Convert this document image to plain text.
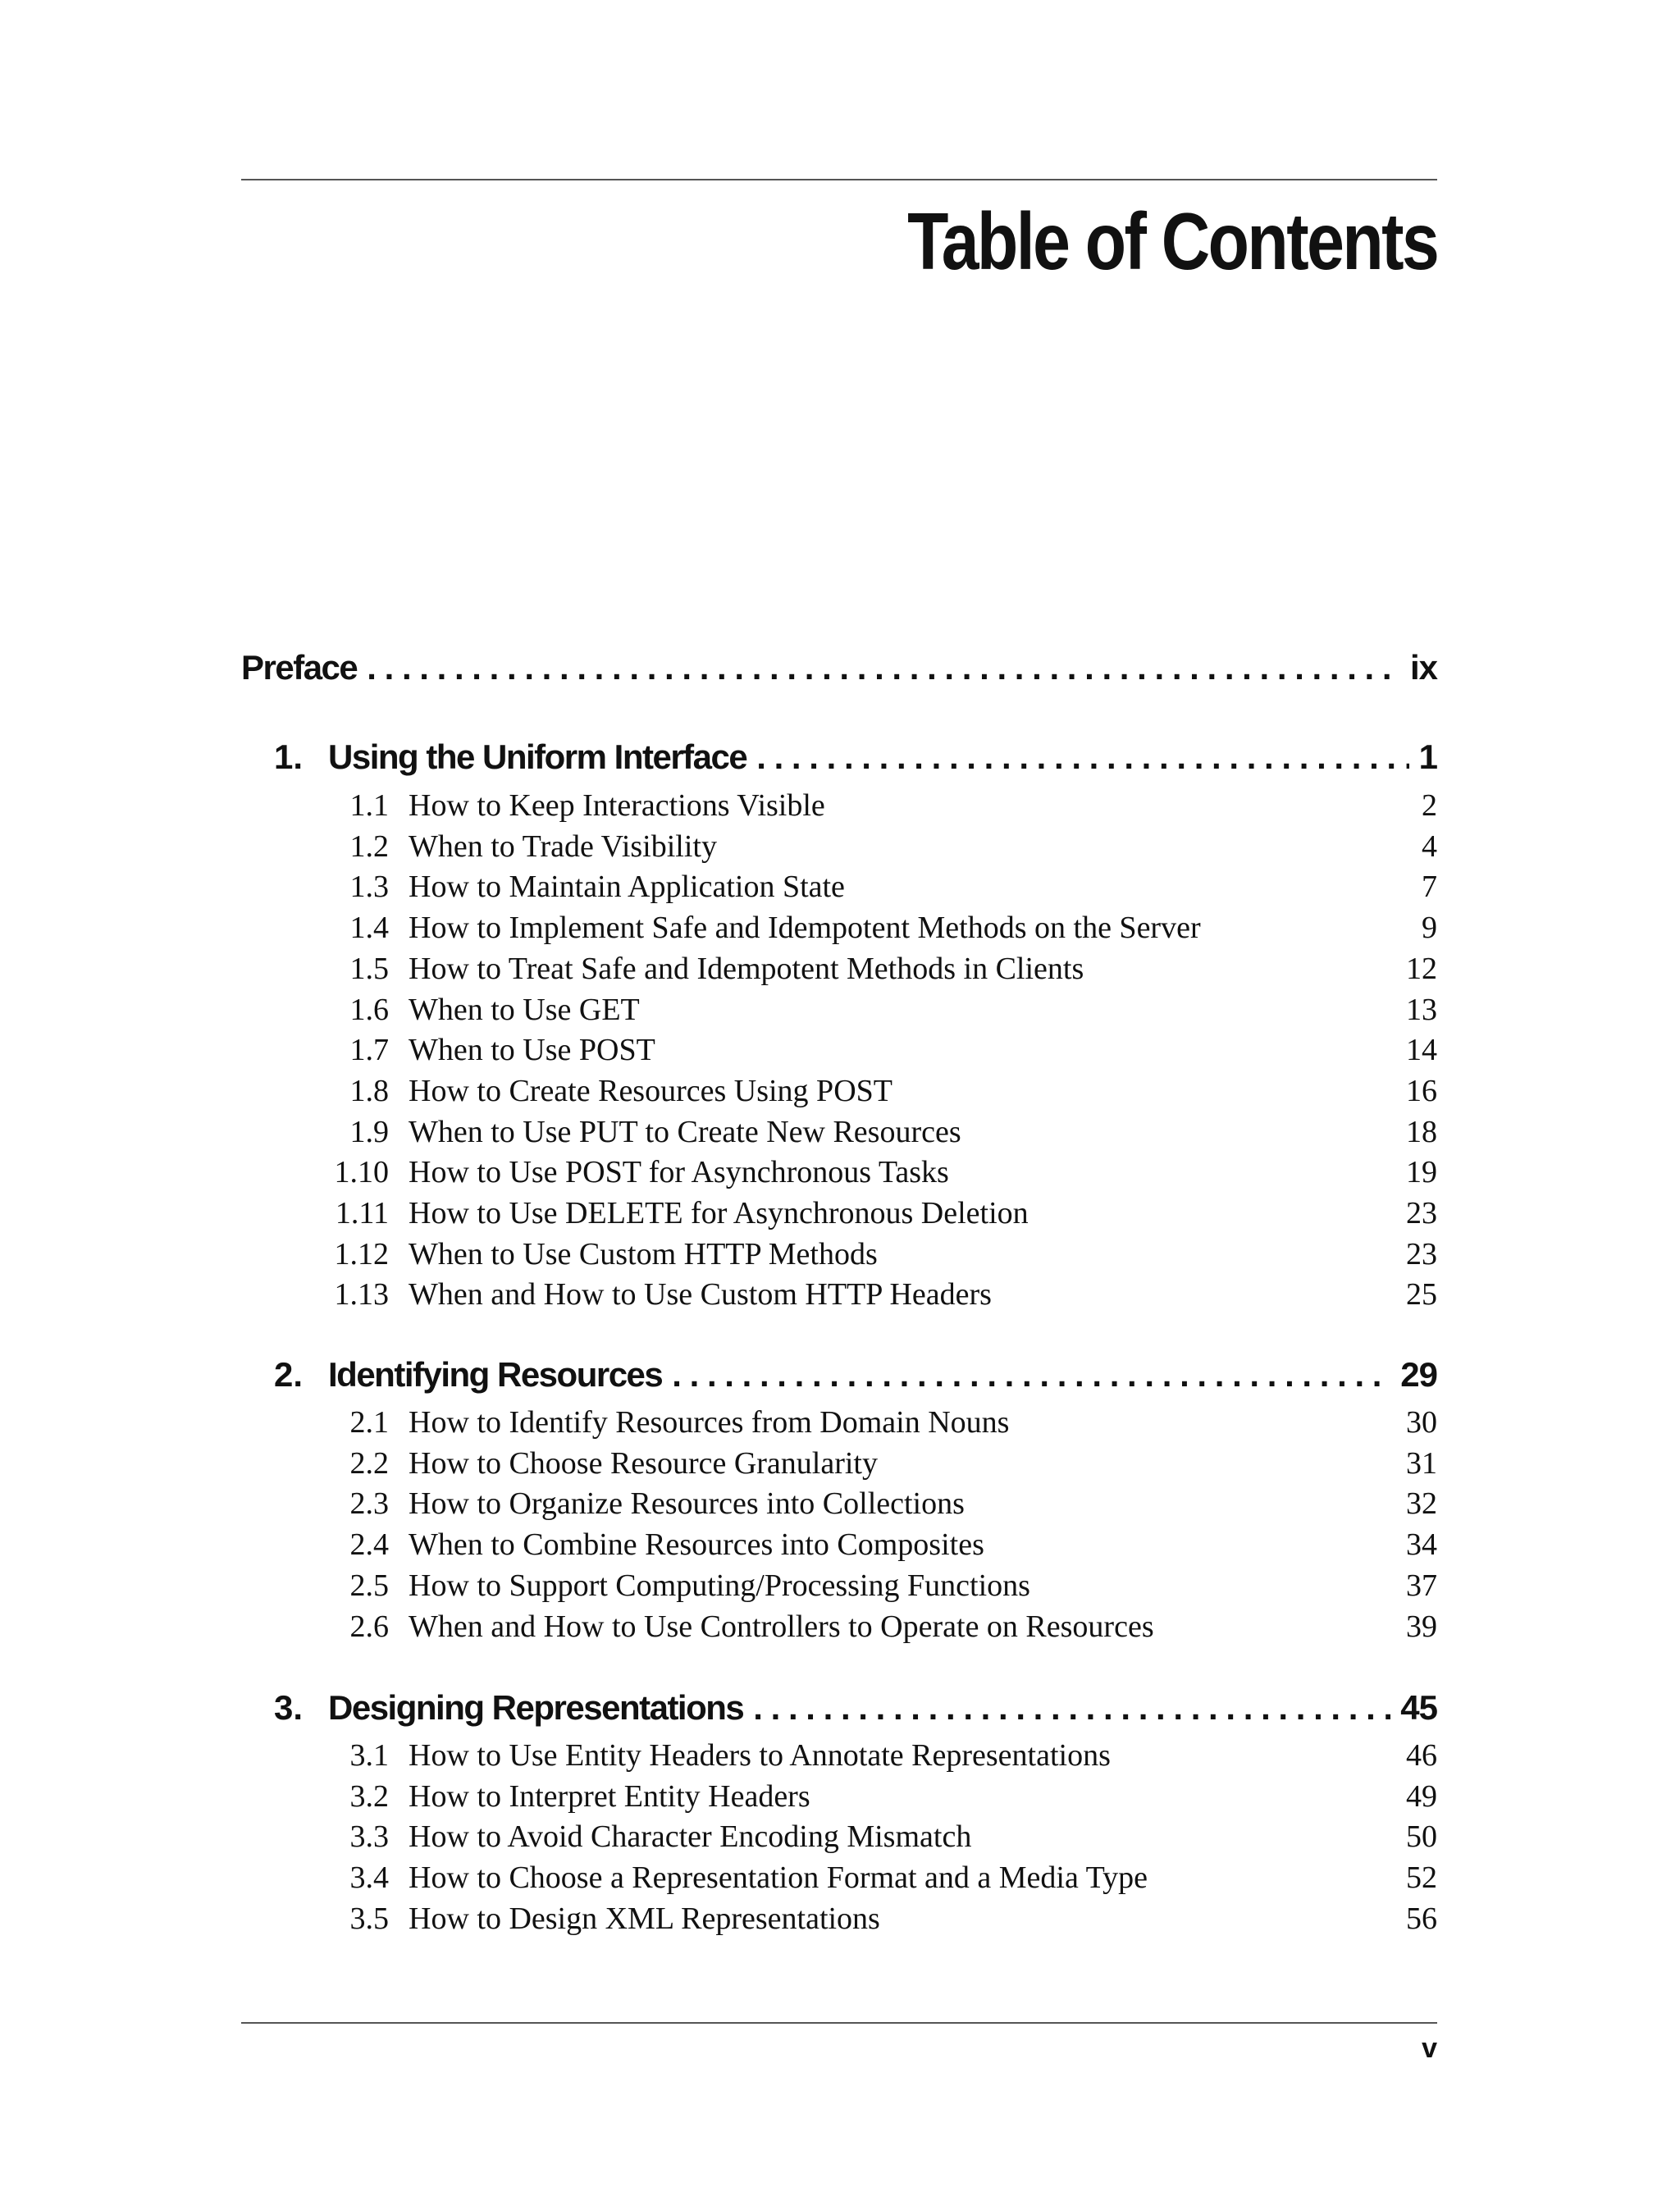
Table of Contents
Preface . . .	ix
1. Using the Uniform Interface . . .	1
1.1 How to Keep Interactions Visible	2
1.2 When to Trade Visibility	4
1.3 How to Maintain Application State	7
1.4 How to Implement Safe and Idempotent Methods on the Server	9
1.5 How to Treat Safe and Idempotent Methods in Clients	12
1.6 When to Use GET	13
1.7 When to Use POST	14
1.8 How to Create Resources Using POST	16
1.9 When to Use PUT to Create New Resources	18
1.10 How to Use POST for Asynchronous Tasks	19
1.11 How to Use DELETE for Asynchronous Deletion	23
1.12 When to Use Custom HTTP Methods	23
1.13 When and How to Use Custom HTTP Headers	25
2. Identifying Resources . . .	29
2.1 How to Identify Resources from Domain Nouns	30
2.2 How to Choose Resource Granularity	31
2.3 How to Organize Resources into Collections	32
2.4 When to Combine Resources into Composites	34
2.5 How to Support Computing/Processing Functions	37
2.6 When and How to Use Controllers to Operate on Resources	39
3. Designing Representations . . .	45
3.1 How to Use Entity Headers to Annotate Representations	46
3.2 How to Interpret Entity Headers	49
3.3 How to Avoid Character Encoding Mismatch	50
3.4 How to Choose a Representation Format and a Media Type	52
3.5 How to Design XML Representations	56
v
